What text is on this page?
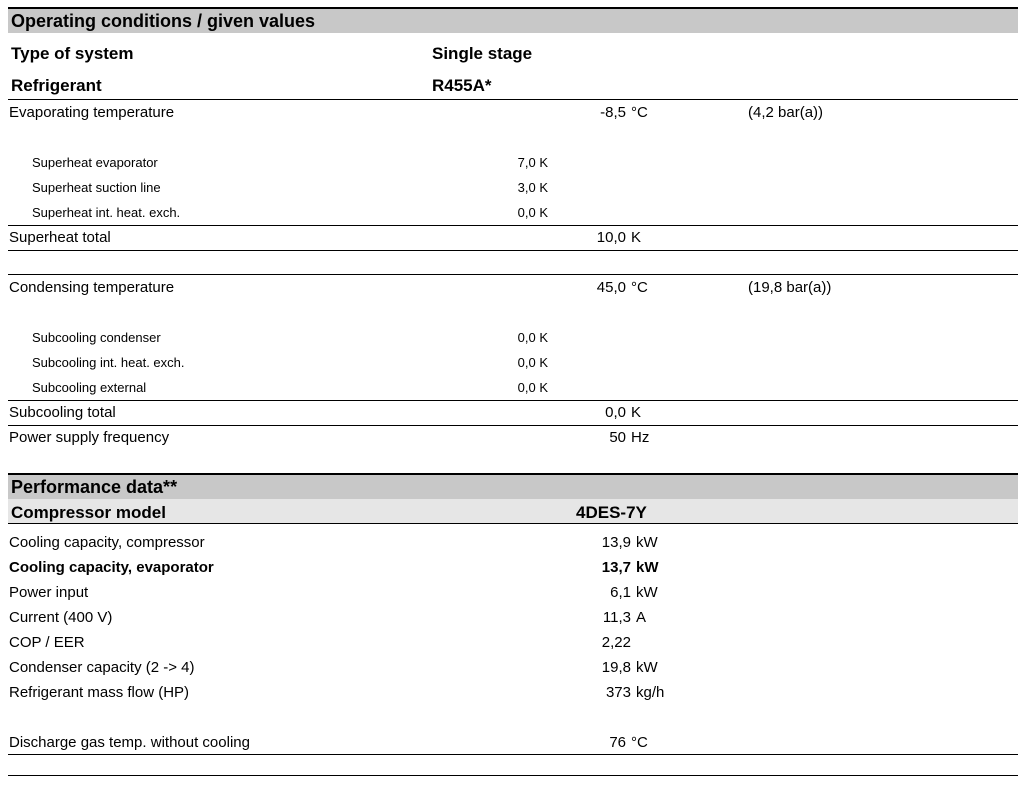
Operating conditions / given values
Type of system	Single stage
Refrigerant	R455A*
Evaporating temperature	-8,5 °C	(4,2 bar(a))
Superheat evaporator	7,0 K
Superheat suction line	3,0 K
Superheat int. heat. exch.	0,0 K
Superheat total	10,0 K
Condensing temperature	45,0 °C	(19,8 bar(a))
Subcooling condenser	0,0 K
Subcooling int. heat. exch.	0,0 K
Subcooling external	0,0 K
Subcooling total	0,0 K
Power supply frequency	50 Hz
Performance data**
Compressor model	4DES-7Y
Cooling capacity, compressor	13,9 kW
Cooling capacity, evaporator	13,7 kW
Power input	6,1 kW
Current (400 V)	11,3 A
COP / EER	2,22
Condenser capacity (2 -> 4)	19,8 kW
Refrigerant mass flow (HP)	373 kg/h
Discharge gas temp. without cooling	76 °C
